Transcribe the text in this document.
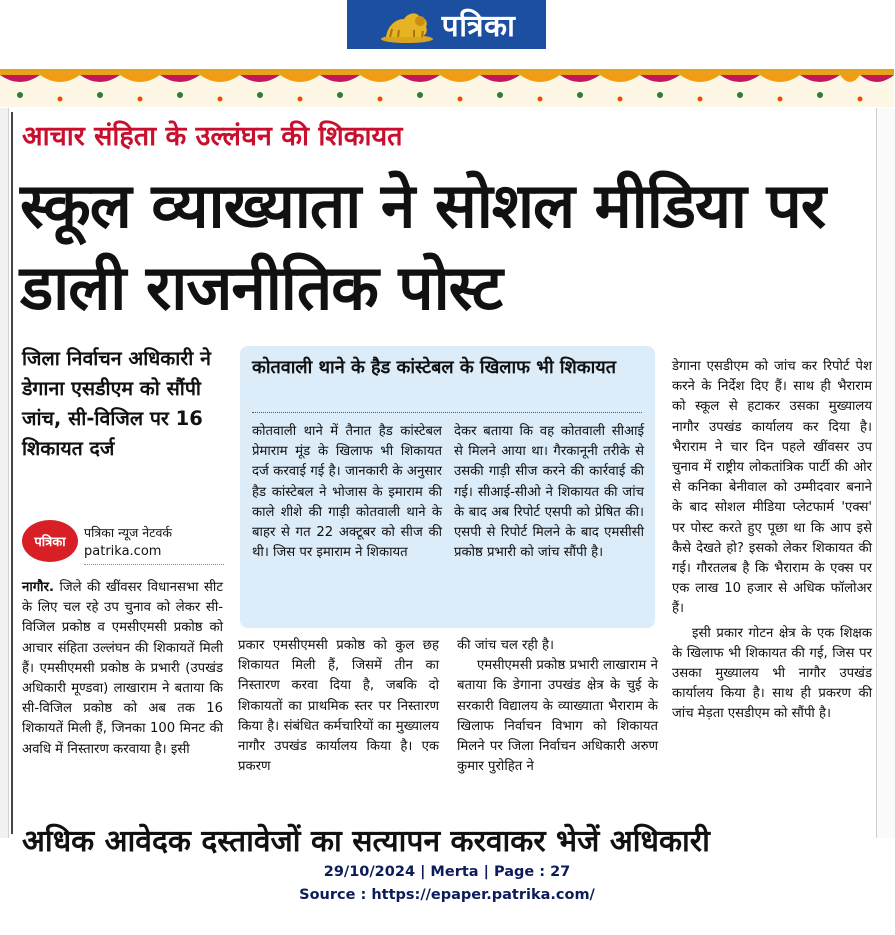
पत्रिका
आचार संहिता के उल्लंघन की शिकायत
स्कूल व्याख्याता ने सोशल मीडिया पर डाली राजनीतिक पोस्ट
जिला निर्वाचन अधिकारी ने डेगाना एसडीएम को सौंपी जांच, सी-विजिल पर 16 शिकायत दर्ज
पत्रिका
पत्रिका न्यूज नेटवर्क
patrika.com

नागौर. जिले की खींवसर विधानसभा सीट के लिए चल रहे उप चुनाव को लेकर सी-विजिल प्रकोष्ठ व एमसीएमसी प्रकोष्ठ को आचार संहिता उल्लंघन की शिकायतें मिली हैं। एमसीएमसी प्रकोष्ठ के प्रभारी (उपखंड अधिकारी मूण्डवा) लाखाराम ने बताया कि सी-विजिल प्रकोष्ठ को अब तक 16 शिकायतें मिली हैं, जिनका 100 मिनट की अवधि में निस्तारण करवाया है। इसी

कोतवाली थाने के हैड कांस्टेबल के खिलाफ भी शिकायत
कोतवाली थाने में तैनात हैड कांस्टेबल प्रेमाराम मूंड के खिलाफ भी शिकायत दर्ज करवाई गई है। जानकारी के अनुसार हैड कांस्टेबल ने भोजास के इमाराम की काले शीशे की गाड़ी कोतवाली थाने के बाहर से गत 22 अक्टूबर को सीज की थी। जिस पर इमाराम ने शिकायत
देकर बताया कि वह कोतवाली सीआई से मिलने आया था। गैरकानूनी तरीके से उसकी गाड़ी सीज करने की कार्रवाई की गई। सीआई-सीओ ने शिकायत की जांच के बाद अब रिपोर्ट एसपी को प्रेषित की। एसपी से रिपोर्ट मिलने के बाद एमसीसी प्रकोष्ठ प्रभारी को जांच सौंपी है।

प्रकार एमसीएमसी प्रकोष्ठ को कुल छह शिकायत मिली हैं, जिसमें तीन का निस्तारण करवा दिया है, जबकि दो शिकायतों का प्राथमिक स्तर पर निस्तारण किया है। संबंधित कर्मचारियों का मुख्यालय नागौर उपखंड कार्यालय किया है। एक प्रकरण

की जांच चल रही है।

एमसीएमसी प्रकोष्ठ प्रभारी लाखाराम ने बताया कि डेगाना उपखंड क्षेत्र के चुई के सरकारी विद्यालय के व्याख्याता भैराराम के खिलाफ निर्वाचन विभाग को शिकायत मिलने पर जिला निर्वाचन अधिकारी अरुण कुमार पुरोहित ने

डेगाना एसडीएम को जांच कर रिपोर्ट पेश करने के निर्देश दिए हैं। साथ ही भैराराम को स्कूल से हटाकर उसका मुख्यालय नागौर उपखंड कार्यालय कर दिया है। भैराराम ने चार दिन पहले खींवसर उप चुनाव में राष्ट्रीय लोकतांत्रिक पार्टी की ओर से कनिका बेनीवाल को उम्मीदवार बनाने के बाद सोशल मीडिया प्लेटफार्म 'एक्स' पर पोस्ट करते हुए पूछा था कि आप इसे कैसे देखते हो? इसको लेकर शिकायत की गई। गौरतलब है कि भैराराम के एक्स पर एक लाख 10 हजार से अधिक फॉलोअर हैं।

इसी प्रकार गोटन क्षेत्र के एक शिक्षक के खिलाफ भी शिकायत की गई, जिस पर उसका मुख्यालय भी नागौर उपखंड कार्यालय किया है। साथ ही प्रकरण की जांच मेड़ता एसडीएम को सौंपी है।

अधिक आवेदक दस्तावेजों का सत्यापन करवाकर भेजें अधिकारी
29/10/2024 | Merta | Page : 27
Source : https://epaper.patrika.com/
